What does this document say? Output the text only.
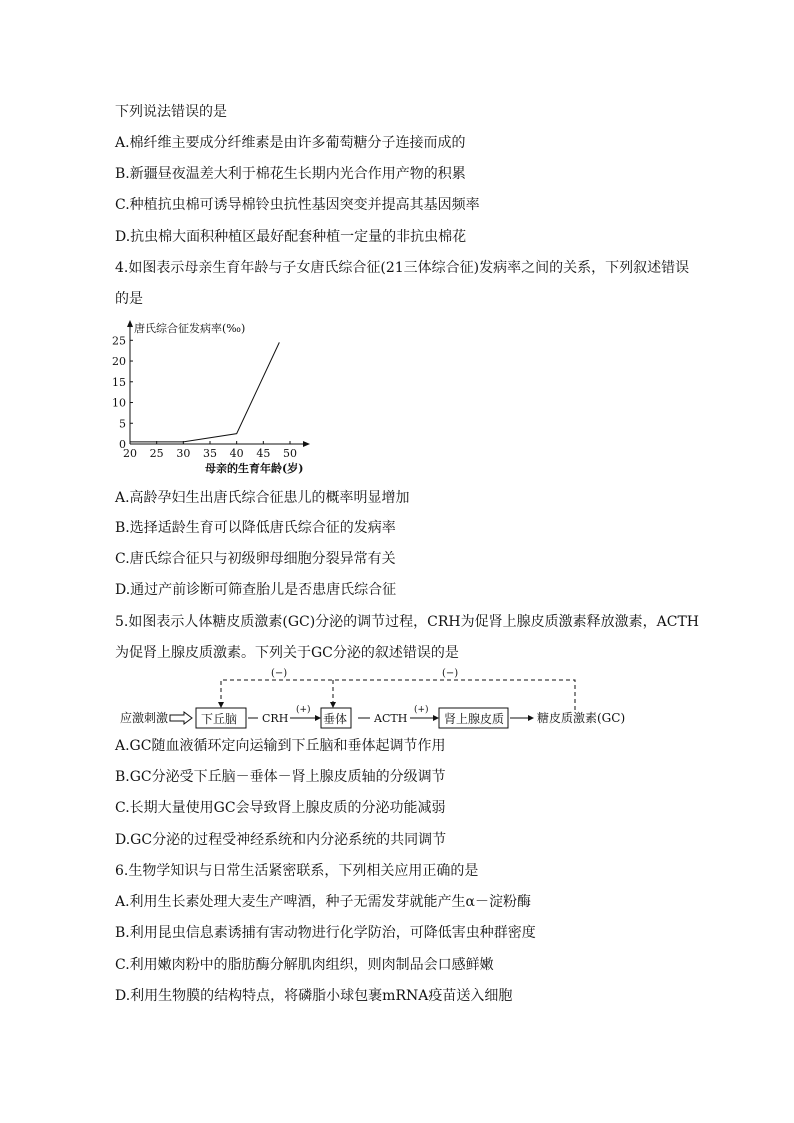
下列说法错误的是
A.棉纤维主要成分纤维素是由许多葡萄糖分子连接而成的
B.新疆昼夜温差大利于棉花生长期内光合作用产物的积累
C.种植抗虫棉可诱导棉铃虫抗性基因突变并提高其基因频率
D.抗虫棉大面积种植区最好配套种植一定量的非抗虫棉花
4.如图表示母亲生育年龄与子女唐氏综合征(21三体综合征)发病率之间的关系，下列叙述错误
的是
唐氏综合征发病率(‰)
母亲的生育年龄(岁)
20 25 30 35 40 45 50
0
5
10
15
20
25
A.高龄孕妇生出唐氏综合征患儿的概率明显增加
B.选择适龄生育可以降低唐氏综合征的发病率
C.唐氏综合征只与初级卵母细胞分裂异常有关
D.通过产前诊断可筛查胎儿是否患唐氏综合征
5.如图表示人体糖皮质激素(GC)分泌的调节过程，CRH为促肾上腺皮质激素释放激素，ACTH
为促肾上腺皮质激素。下列关于GC分泌的叙述错误的是
(−)	(−)
应激刺激	下丘脑 CRH
(+)
垂体 ACTH
(+)
肾上腺皮质	糖皮质激素(GC)
A.GC随血液循环定向运输到下丘脑和垂体起调节作用
B.GC分泌受下丘脑－垂体－肾上腺皮质轴的分级调节
C.长期大量使用GC会导致肾上腺皮质的分泌功能减弱
D.GC分泌的过程受神经系统和内分泌系统的共同调节
6.生物学知识与日常生活紧密联系，下列相关应用正确的是
A.利用生长素处理大麦生产啤酒，种子无需发芽就能产生α－淀粉酶
B.利用昆虫信息素诱捕有害动物进行化学防治，可降低害虫种群密度
C.利用嫩肉粉中的脂肪酶分解肌肉组织，则肉制品会口感鲜嫩
D.利用生物膜的结构特点，将磷脂小球包裹mRNA疫苗送入细胞
